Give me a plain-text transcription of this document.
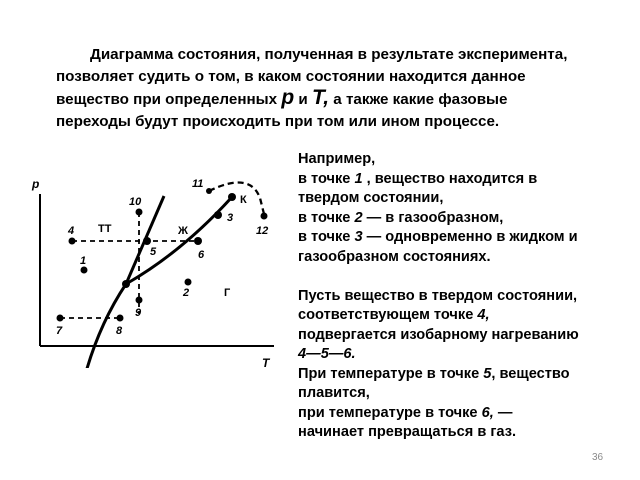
Диаграмма состояния, полученная в результате эксперимента,
позволяет судить о том, в каком состоянии находится данное
вещество при определенных p и T, а также какие фазовые
переходы будут происходить при том или ином процессе.

p
T
1
2
3
4
5	6
7	8
9
10
11
12
ТТ	Ж
Г
К
Например,
в точке 1 , вещество находится в
твердом состоянии,
в точке 2 — в газообразном,
в точке 3 — одновременно в жидком и
газообразном состояниях.
Пусть вещество в твердом состоянии,
соответствующем точке 4,
подвергается изобарному нагреванию
4—5—6.
При температуре в точке 5, вещество
плавится,
при температуре в точке 6, —
начинает превращаться в газ.
36
